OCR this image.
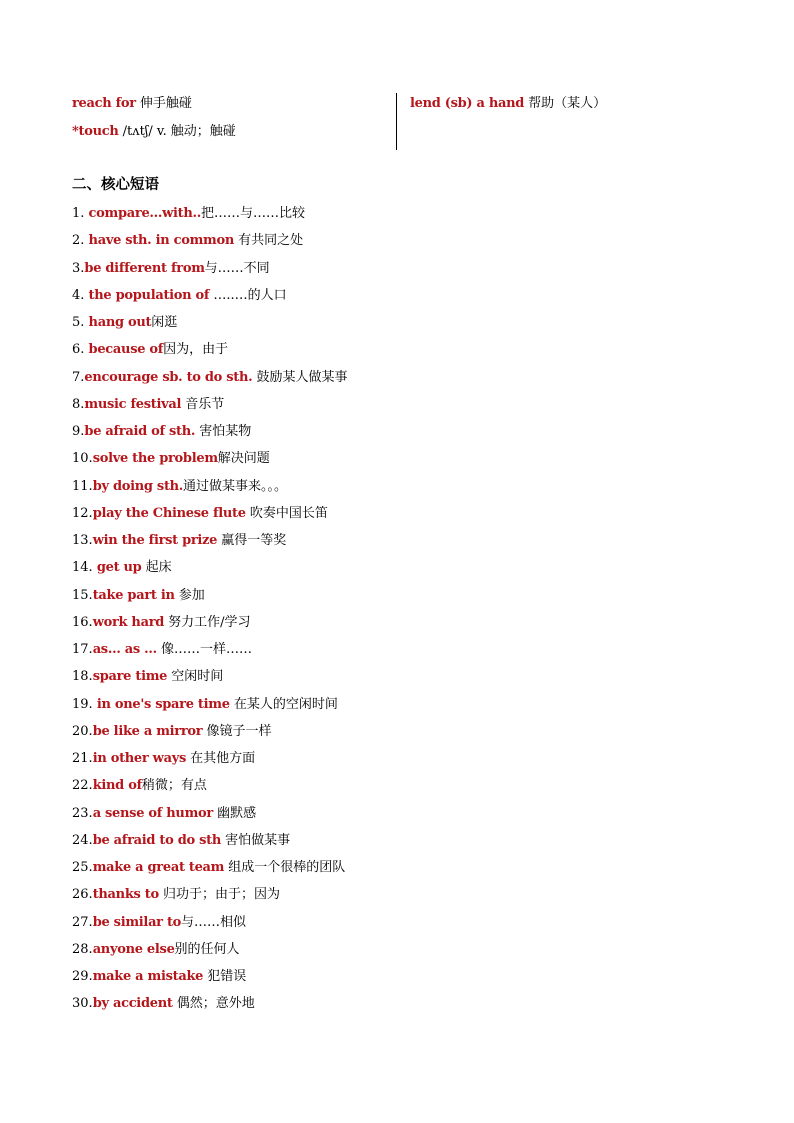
reach for 伸手触碰
*touch /tʌtʃ/ v. 触动；触碰
lend (sb) a hand 帮助（某人）
二、核心短语
1. compare...with..把……与……比较
2. have sth. in common 有共同之处
3.be different from与……不同
4. the population of …..…的人口
5. hang out闲逛
6. because of因为，由于
7.encourage sb. to do sth. 鼓励某人做某事
8.music festival 音乐节
9.be afraid of sth. 害怕某物
10.solve the problem解决问题
11.by doing sth.通过做某事来。。。
12.play the Chinese flute 吹奏中国长笛
13.win the first prize 赢得一等奖
14. get up 起床
15.take part in 参加
16.work hard 努力工作/学习
17.as… as … 像……一样……
18.spare time 空闲时间
19. in one's spare time 在某人的空闲时间
20.be like a mirror 像镜子一样
21.in other ways 在其他方面
22.kind of稍微；有点
23.a sense of humor 幽默感
24.be afraid to do sth 害怕做某事
25.make a great team 组成一个很棒的团队
26.thanks to 归功于；由于；因为
27.be similar to与……相似
28.anyone else别的任何人
29.make a mistake 犯错误
30.by accident 偶然；意外地
